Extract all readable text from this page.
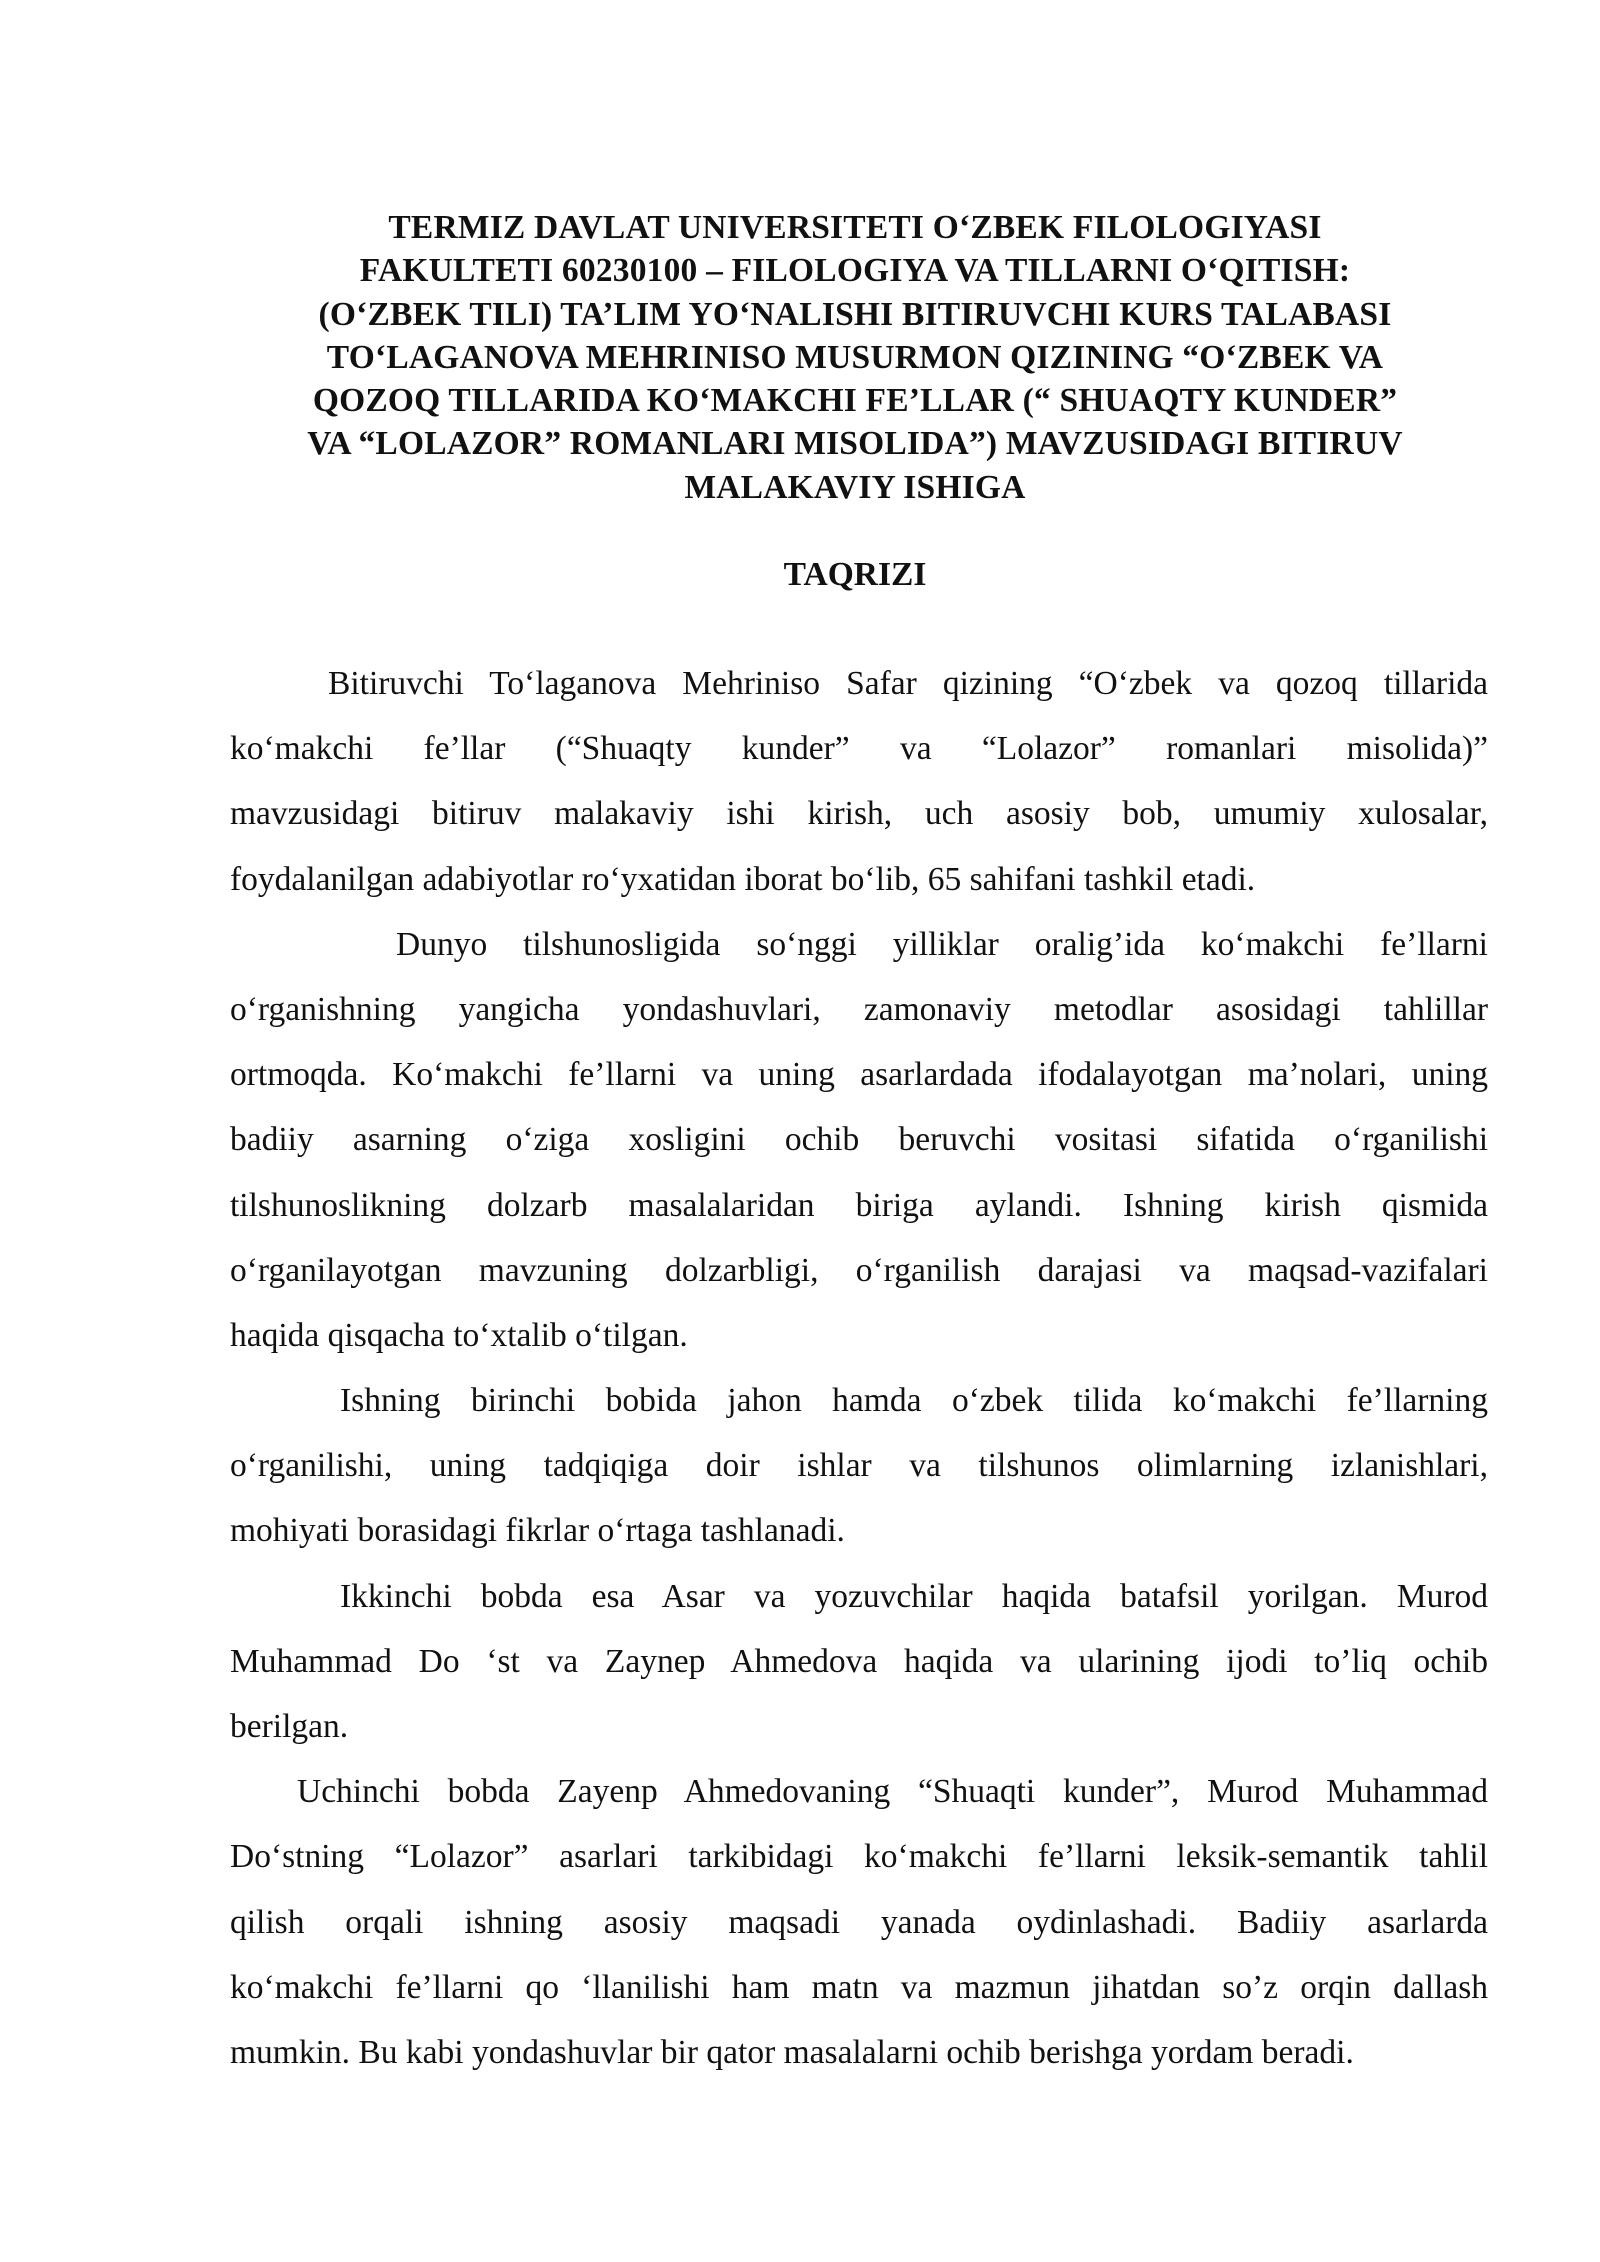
TERMIZ DAVLAT UNIVERSITETI O‘ZBEK FILOLOGIYASI
FAKULTETI 60230100 – FILOLOGIYA VA TILLARNI O‘QITISH:
(O‘ZBEK TILI) TA’LIM YO‘NALISHI BITIRUVCHI KURS TALABASI
TO‘LAGANOVA MEHRINISO MUSURMON QIZINING “O‘ZBEK VA
QOZOQ TILLARIDA KO‘MAKCHI FE’LLAR (“ SHUAQTY KUNDER”
VA “LOLAZOR” ROMANLARI MISOLIDA”) MAVZUSIDAGI BITIRUV
MALAKAVIY ISHIGA
TAQRIZI
Bitiruvchi To‘laganova Mehriniso Safar qizining “O‘zbek va qozoq tillarida
ko‘makchi fe’llar (“Shuaqty kunder” va “Lolazor” romanlari misolida)”
mavzusidagi bitiruv malakaviy ishi kirish, uch asosiy bob, umumiy xulosalar,
foydalanilgan adabiyotlar ro‘yxatidan iborat bo‘lib, 65 sahifani tashkil etadi.
Dunyo tilshunosligida so‘nggi yilliklar oralig’ida ko‘makchi fe’llarni
o‘rganishning yangicha yondashuvlari, zamonaviy metodlar asosidagi tahlillar
ortmoqda. Ko‘makchi fe’llarni va uning asarlardada ifodalayotgan ma’nolari, uning
badiiy asarning o‘ziga xosligini ochib beruvchi vositasi sifatida o‘rganilishi
tilshunoslikning dolzarb masalalaridan biriga aylandi. Ishning kirish qismida
o‘rganilayotgan mavzuning dolzarbligi, o‘rganilish darajasi va maqsad-vazifalari
haqida qisqacha to‘xtalib o‘tilgan.
Ishning birinchi bobida jahon hamda o‘zbek tilida ko‘makchi fe’llarning
o‘rganilishi, uning tadqiqiga doir ishlar va tilshunos olimlarning izlanishlari,
mohiyati borasidagi fikrlar o‘rtaga tashlanadi.
Ikkinchi bobda esa Asar va yozuvchilar haqida batafsil yorilgan. Murod
Muhammad Do ‘st va Zaynep Ahmedova haqida va ularining ijodi to’liq ochib
berilgan.
Uchinchi bobda Zayenp Ahmedovaning “Shuaqti kunder”, Murod Muhammad
Do‘stning “Lolazor” asarlari tarkibidagi ko‘makchi fe’llarni leksik-semantik tahlil
qilish orqali ishning asosiy maqsadi yanada oydinlashadi. Badiiy asarlarda
ko‘makchi fe’llarni qo ‘llanilishi ham matn va mazmun jihatdan so’z orqin dallash
mumkin. Bu kabi yondashuvlar bir qator masalalarni ochib berishga yordam beradi.
